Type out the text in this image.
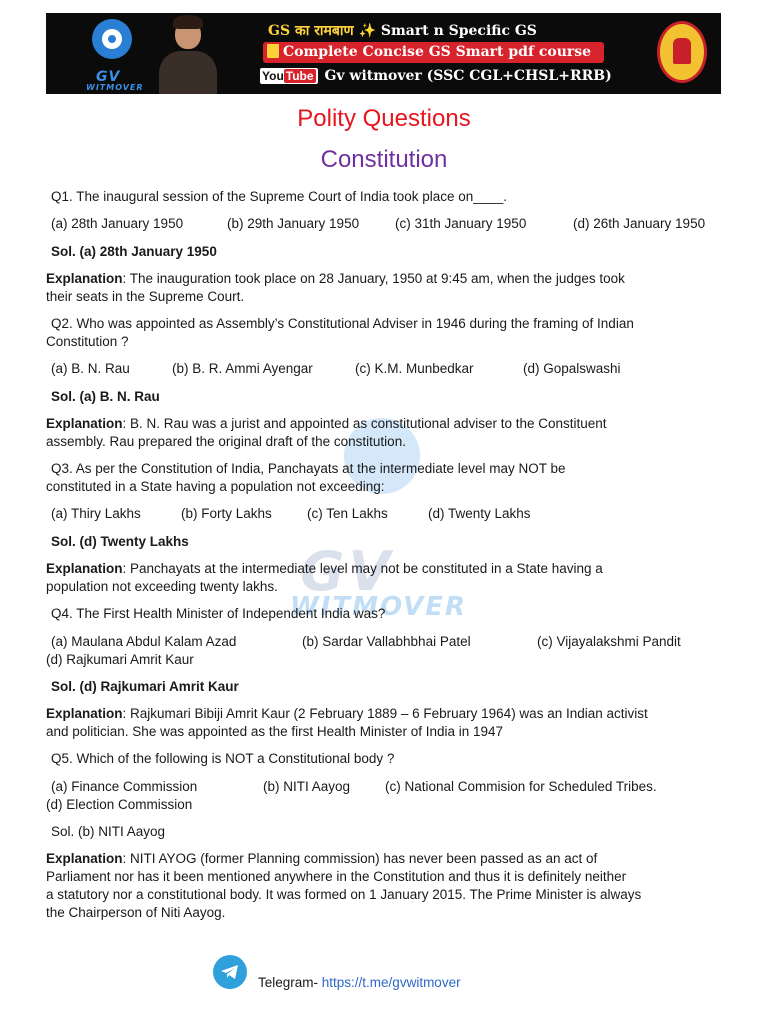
GV
WITMOVER
GS का रामबाण ✨ Smart n Specific GS
Complete Concise GS Smart pdf course
You Tube Gv witmover (SSC CGL+CHSL+RRB)
Polity Questions
Constitution
GV
WITMOVER
Q1. The inaugural session of the Supreme Court of India took place on____.
(a) 28th January 1950	(b) 29th January 1950	(c) 31th January 1950	(d) 26th January 1950
Sol. (a) 28th January 1950
Explanation: The inauguration took place on 28 January, 1950 at 9:45 am, when the judges took
their seats in the Supreme Court.
Q2. Who was appointed as Assembly’s Constitutional Adviser in 1946 during the framing of Indian
Constitution ?
(a) B. N. Rau	(b) B. R. Ammi Ayengar	(c) K.M. Munbedkar	(d) Gopalswashi
Sol. (a) B. N. Rau
Explanation: B. N. Rau was a jurist and appointed as constitutional adviser to the Constituent
assembly. Rau prepared the original draft of the constitution.
Q3. As per the Constitution of India, Panchayats at the intermediate level may NOT be
constituted in a State having a population not exceeding:
(a) Thiry Lakhs	(b) Forty Lakhs	(c) Ten Lakhs	(d) Twenty Lakhs
Sol. (d) Twenty Lakhs
Explanation: Panchayats at the intermediate level may not be constituted in a State having a
population not exceeding twenty lakhs.
Q4. The First Health Minister of Independent India was?
(a) Maulana Abdul Kalam Azad	(b) Sardar Vallabhbhai Patel	(c) Vijayalakshmi Pandit
(d) Rajkumari Amrit Kaur
Sol. (d) Rajkumari Amrit Kaur
Explanation: Rajkumari Bibiji Amrit Kaur (2 February 1889 – 6 February 1964) was an Indian activist
and politician. She was appointed as the first Health Minister of India in 1947
Q5. Which of the following is NOT a Constitutional body ?
(a) Finance Commission	(b) NITI Aayog	(c) National Commision for Scheduled Tribes.
(d) Election Commission
Sol. (b) NITI Aayog
Explanation: NITI AYOG (former Planning commission) has never been passed as an act of
Parliament nor has it been mentioned anywhere in the Constitution and thus it is definitely neither
a statutory nor a constitutional body. It was formed on 1 January 2015. The Prime Minister is always
the Chairperson of Niti Aayog.
Telegram- https://t.me/gvwitmover
